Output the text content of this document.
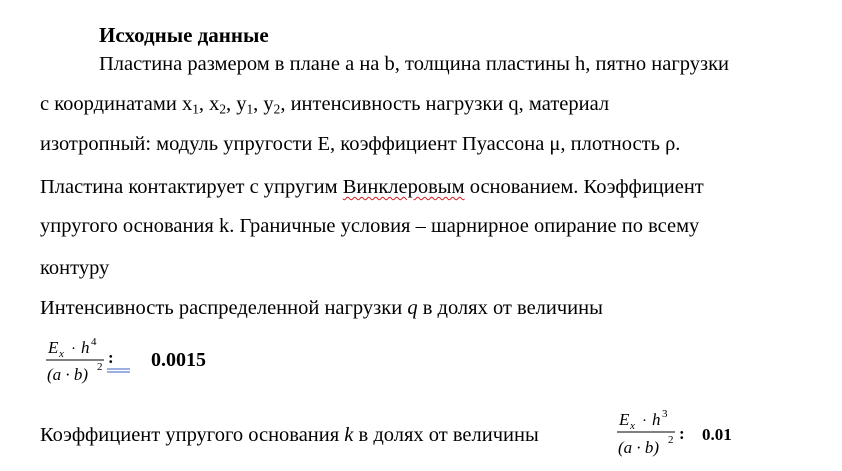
Исходные данные
Пластина размером в плане a на b, толщина пластины h, пятно нагрузки
с координатами $x_1$, $x_2$, $y_1$, $y_2$, интенсивность нагрузки q, материал
изотропный: модуль упругости E, коэффициент Пуассона μ, плотность ρ.
Пластина контактирует с упругим Винклеровым основанием. Коэффициент
упругого основания k. Граничные условия – шарнирное опирание по всему
контуру
Интенсивность распределенной нагрузки q в долях от величины
E x · h 4
(a · b) 2 : 0.0015
Коэффициент упругого основания k в долях от величины
E x · h 3
(a · b) 2 : 0.01
